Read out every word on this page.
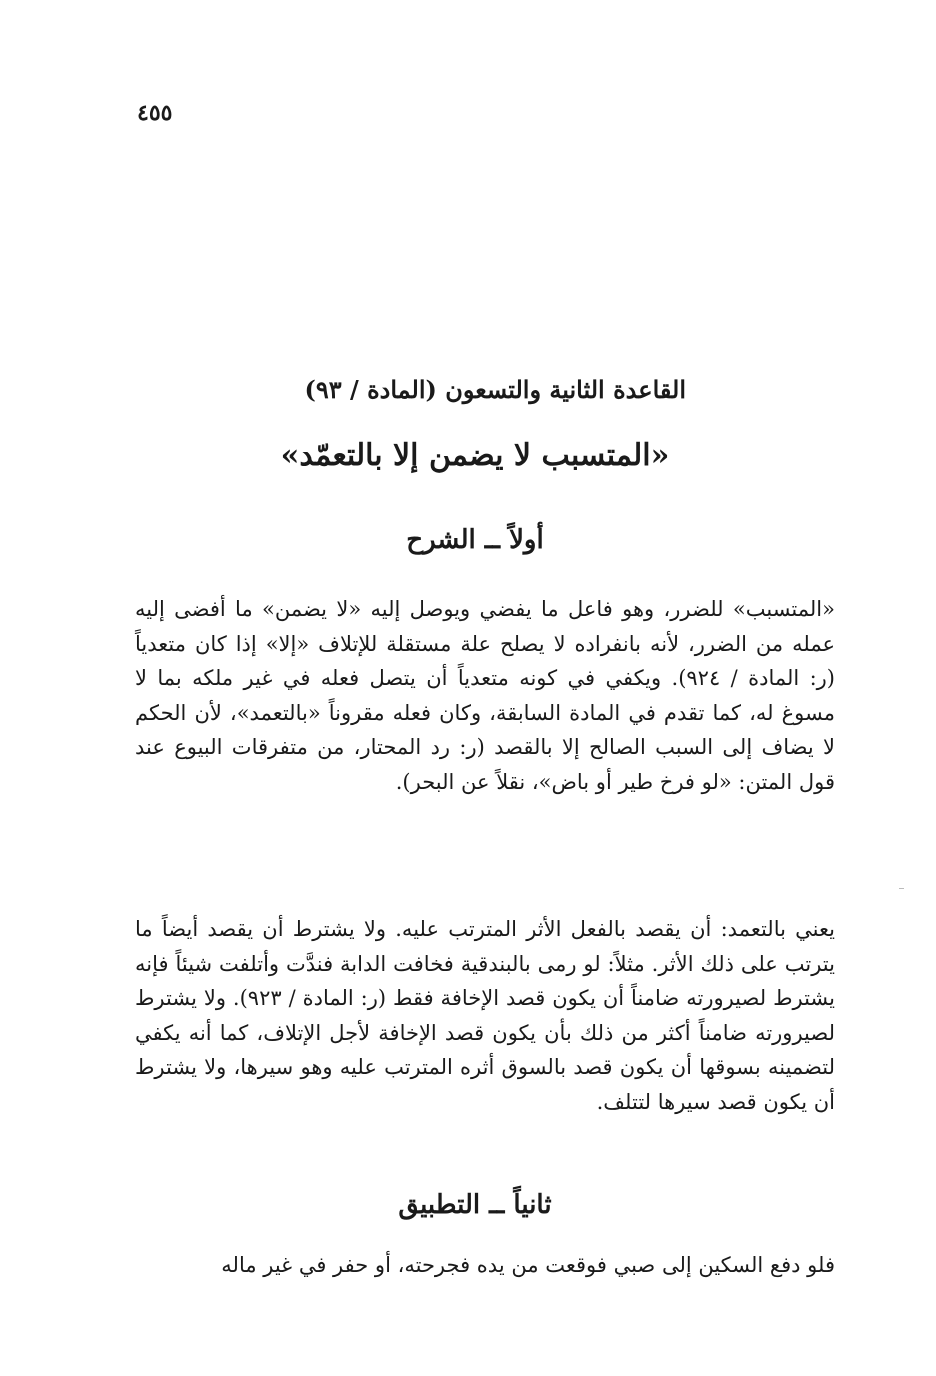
٤٥٥
القاعدة الثانية والتسعون (المادة / ٩٣)
«المتسبب لا يضمن إلا بالتعمّد»
أولاً ــ الشرح

«المتسبب» للضرر، وهو فاعل ما يفضي ويوصل إليه «لا يضمن» ما أفضى إليه عمله من الضرر، لأنه بانفراده لا يصلح علة مستقلة للإتلاف «إلا» إذا كان متعدياً (ر: المادة / ٩٢٤). ويكفي في كونه متعدياً أن يتصل فعله في غير ملكه بما لا مسوغ له، كما تقدم في المادة السابقة، وكان فعله مقروناً «بالتعمد»، لأن الحكم لا يضاف إلى السبب الصالح إلا بالقصد (ر: رد المحتار، من متفرقات البيوع عند قول المتن: «لو فرخ طير أو باض»، نقلاً عن البحر).

يعني بالتعمد: أن يقصد بالفعل الأثر المترتب عليه. ولا يشترط أن يقصد أيضاً ما يترتب على ذلك الأثر. مثلاً: لو رمى بالبندقية فخافت الدابة فندَّت وأتلفت شيئاً فإنه يشترط لصيرورته ضامناً أن يكون قصد الإخافة فقط (ر: المادة / ٩٢٣). ولا يشترط لصيرورته ضامناً أكثر من ذلك بأن يكون قصد الإخافة لأجل الإتلاف، كما أنه يكفي لتضمينه بسوقها أن يكون قصد بالسوق أثره المترتب عليه وهو سيرها، ولا يشترط أن يكون قصد سيرها لتتلف.

ثانياً ــ التطبيق

فلو دفع السكين إلى صبي فوقعت من يده فجرحته، أو حفر في غير ماله
